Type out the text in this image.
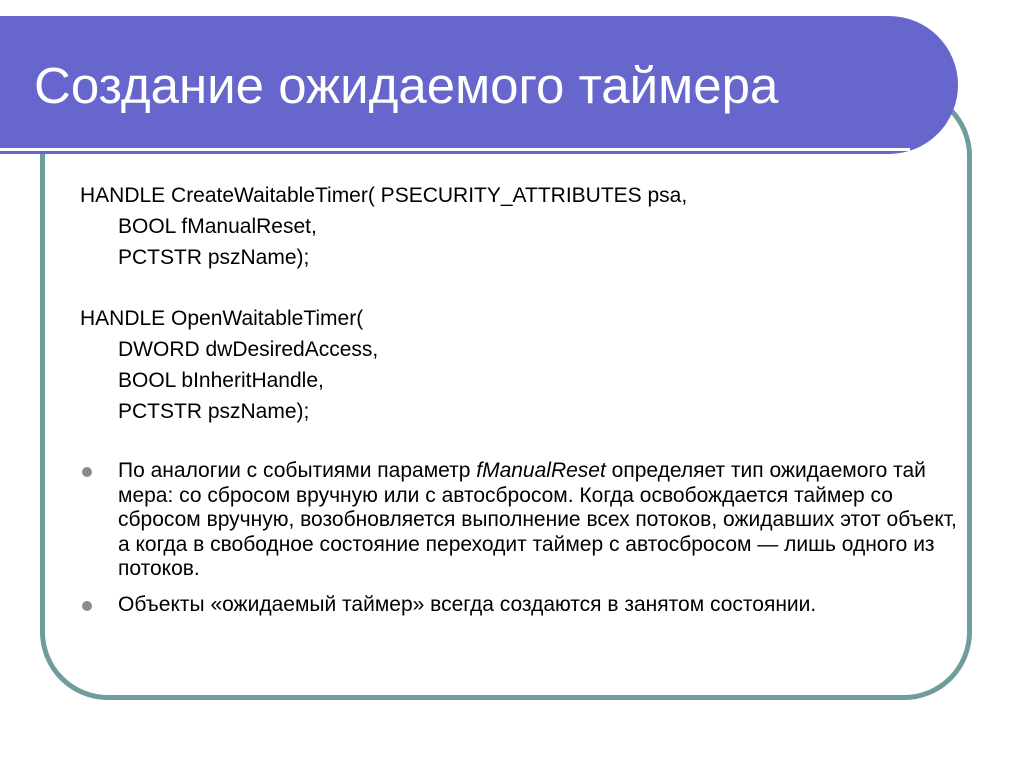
Создание ожидаемого таймера
HANDLE CreateWaitableTimer( PSECURITY_ATTRIBUTES psa,
BOOL fManualReset,
PCTSTR pszName);
HANDLE OpenWaitableTimer(
DWORD dwDesiredAccess,
BOOL bInheritHandle,
PCTSTR pszName);
По аналогии с событиями параметр fManualReset определяет тип ожидаемого тай мера: со сбросом вручную или с автосбросом. Когда освобождается таймер со сбросом вручную, возобновляется выполнение всех потоков, ожидавших этот объект, а когда в свободное состояние переходит таймер с автосбросом — лишь одного из потоков.
Объекты «ожидаемый таймер» всегда создаются в занятом состоянии.
